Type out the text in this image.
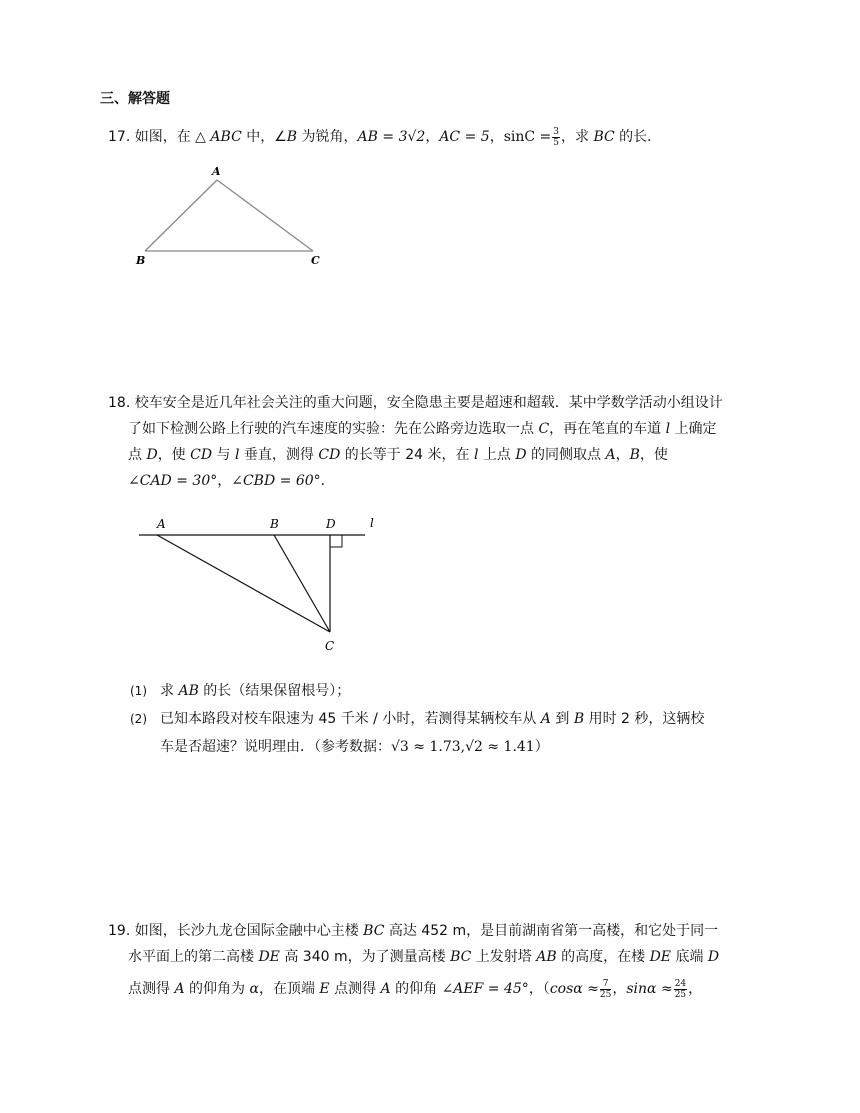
三、解答题
17. 如图，在 △ ABC 中，∠B 为锐角，AB = 3√2，AC = 5，$\sin C = \frac{3}{5}$ ，求 BC 的长．
A
B	C
18. 校车安全是近几年社会关注的重大问题，安全隐患主要是超速和超载．某中学数学活动小组设计
了如下检测公路上行驶的汽车速度的实验：先在公路旁边选取一点 C，再在笔直的车道 l 上确定
点 D，使 CD 与 l 垂直，测得 CD 的长等于 24 米，在 l 上点 D 的同侧取点 A，B，使
∠CAD = 30°，∠CBD = 60°．
A	B	D	l
C
(1) 求 AB 的长（结果保留根号）；
(2) 已知本路段对校车限速为 45 千米 / 小时，若测得某辆校车从 A 到 B 用时 2 秒，这辆校
车是否超速？说明理由．（参考数据：√3 ≈ 1.73,√2 ≈ 1.41）
19. 如图，长沙九龙仓国际金融中心主楼 BC 高达 452 m，是目前湖南省第一高楼，和它处于同一
水平面上的第二高楼 DE 高 340 m，为了测量高楼 BC 上发射塔 AB 的高度，在楼 DE 底端 D
点测得 A 的仰角为 α，在顶端 E 点测得 A 的仰角 ∠AEF = 45°，（$\cos\alpha \approx \frac{7}{25}$ ，$\sin\alpha \approx \frac{24}{25}$ ，
